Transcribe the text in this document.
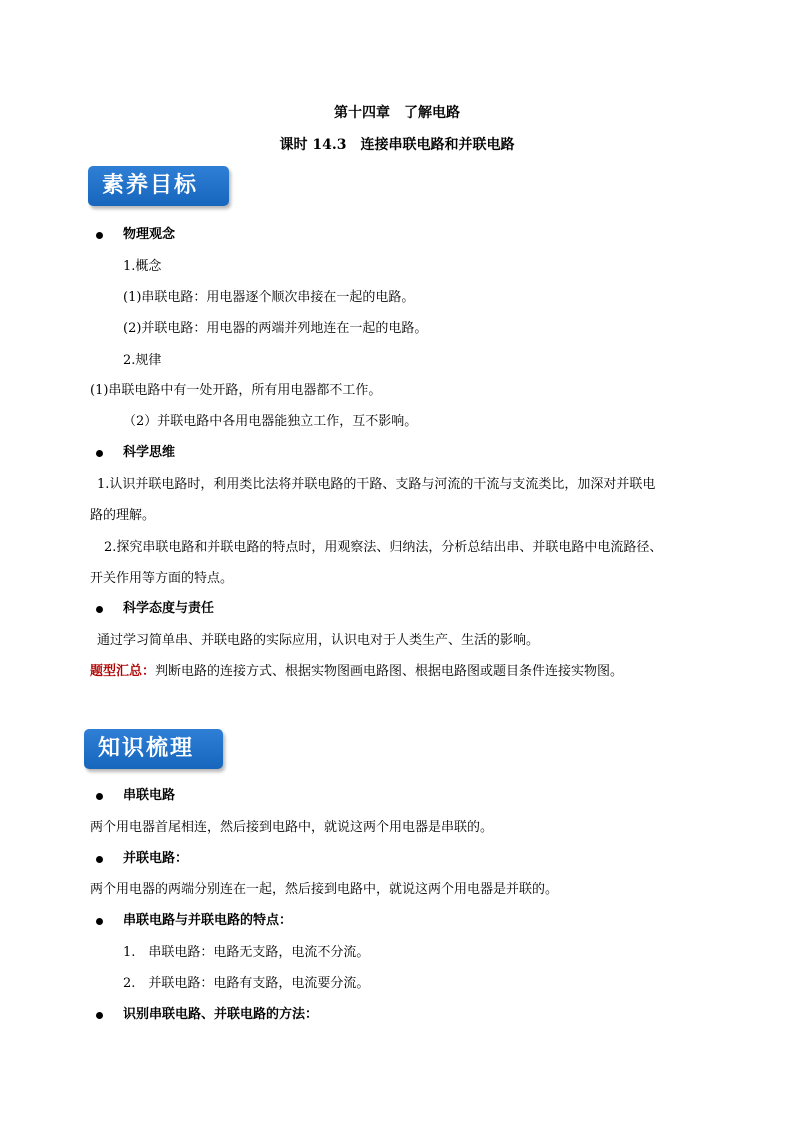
第十四章　了解电路
课时 14.3　连接串联电路和并联电路
素养目标
物理观念
1.概念
(1)串联电路：用电器逐个顺次串接在一起的电路。
(2)并联电路：用电器的两端并列地连在一起的电路。
2.规律
(1)串联电路中有一处开路，所有用电器都不工作。
（2）并联电路中各用电器能独立工作，互不影响。
科学思维
1.认识并联电路时，利用类比法将并联电路的干路、支路与河流的干流与支流类比，加深对并联电
路的理解。
2.探究串联电路和并联电路的特点时，用观察法、归纳法，分析总结出串、并联电路中电流路径、
开关作用等方面的特点。
科学态度与责任
通过学习简单串、并联电路的实际应用，认识电对于人类生产、生活的影响。
题型汇总：判断电路的连接方式、根据实物图画电路图、根据电路图或题目条件连接实物图。
知识梳理
串联电路
两个用电器首尾相连，然后接到电路中，就说这两个用电器是串联的。
并联电路：
两个用电器的两端分别连在一起，然后接到电路中，就说这两个用电器是并联的。
串联电路与并联电路的特点：
1.　串联电路：电路无支路，电流不分流。
2.　并联电路：电路有支路，电流要分流。
识别串联电路、并联电路的方法：
